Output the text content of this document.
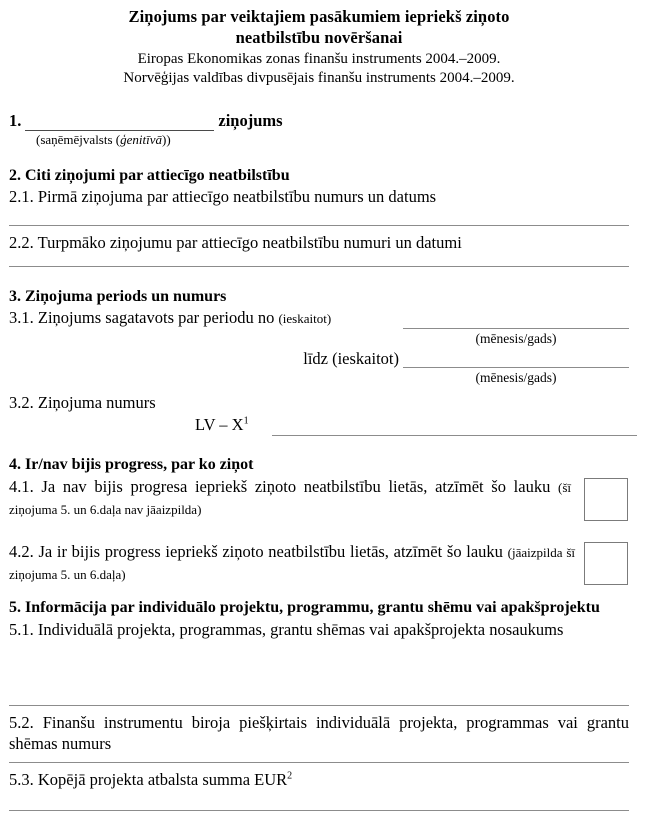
Ziņojums par veiktajiem pasākumiem iepriekš ziņoto
neatbilstību novēršanai
Eiropas Ekonomikas zonas finanšu instruments 2004.–2009.
Norvēģijas valdības divpusējais finanšu instruments 2004.–2009.
1.	ziņojums
(saņēmējvalsts (ģenitīvā))
2. Citi ziņojumi par attiecīgo neatbilstību
2.1. Pirmā ziņojuma par attiecīgo neatbilstību numurs un datums
2.2. Turpmāko ziņojumu par attiecīgo neatbilstību numuri un datumi
3. Ziņojuma periods un numurs
3.1. Ziņojums sagatavots par periodu no (ieskaitot)
(mēnesis/gads)
līdz (ieskaitot)
(mēnesis/gads)
3.2. Ziņojuma numurs
LV – $X^1$
4. Ir/nav bijis progress, par ko ziņot
4.1. Ja nav bijis progresa iepriekš ziņoto neatbilstību lietās, atzīmēt šo lauku (šī ziņojuma 5. un 6.daļa nav jāaizpilda)
4.2. Ja ir bijis progress iepriekš ziņoto neatbilstību lietās, atzīmēt šo lauku (jāaizpilda šī ziņojuma 5. un 6.daļa)
5. Informācija par individuālo projektu, programmu, grantu shēmu vai apakšprojektu
5.1. Individuālā projekta, programmas, grantu shēmas vai apakšprojekta nosaukums
5.2. Finanšu instrumentu biroja piešķirtais individuālā projekta, programmas vai grantu shēmas numurs
5.3. Kopējā projekta atbalsta summa EUR$^2$
